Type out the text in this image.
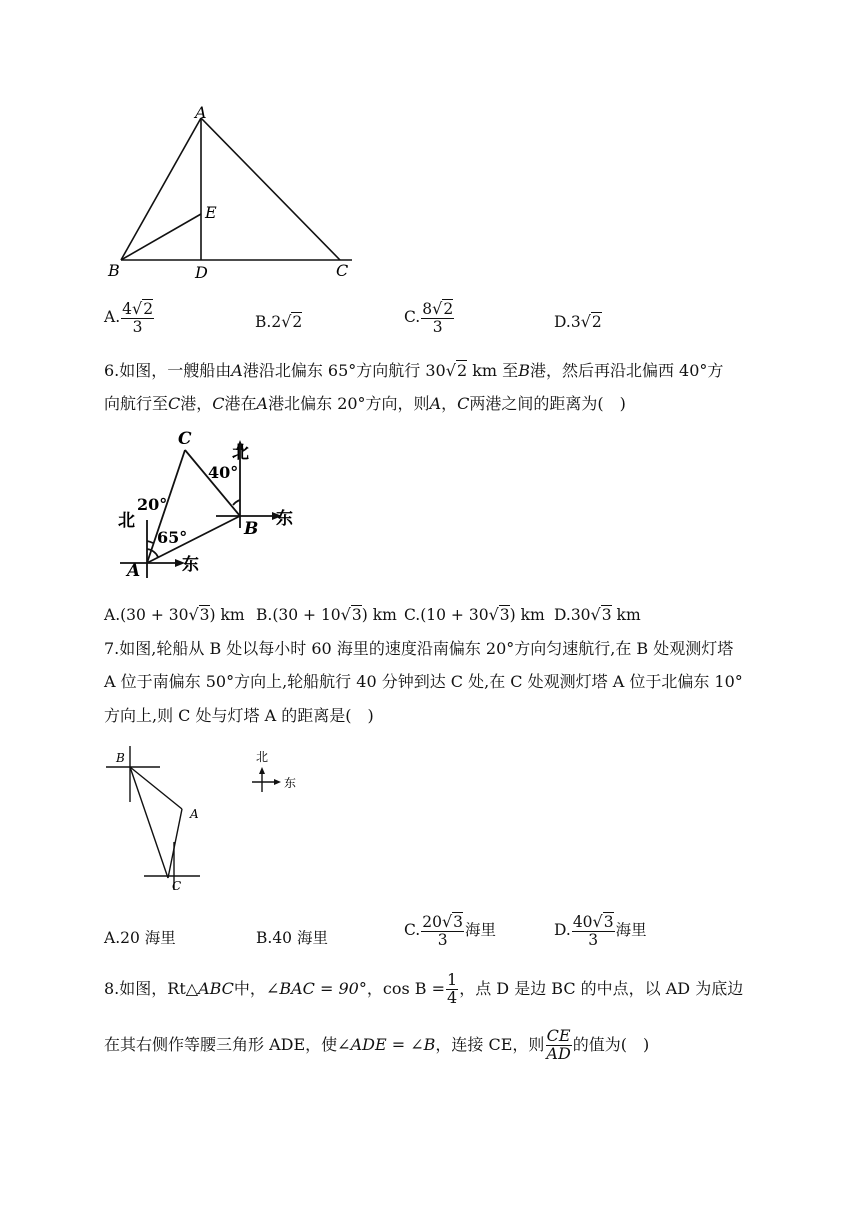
A
E
B	D	C
A. $\frac{4√2}{3}$	B.2√2	C. $\frac{8√2}{3}$	D.3√2
6.如图，一艘船由A港沿北偏东 65°方向航行 30√2 km 至B港，然后再沿北偏西 40°方
向航行至C港，C港在A港北偏东 20°方向，则A，C两港之间的距离为(　)
C
北
40°
20°
北	B 东
65°
A 东
A.(30 + 30√3) km B.(30 + 10√3) km C.(10 + 30√3) km D.30√3 km
7.如图,轮船从 B 处以每小时 60 海里的速度沿南偏东 20°方向匀速航行,在 B 处观测灯塔
A 位于南偏东 50°方向上,轮船航行 40 分钟到达 C 处,在 C 处观测灯塔 A 位于北偏东 10°
方向上,则 C 处与灯塔 A 的距离是(　)
B
A
C
北
东
A.20 海里	B.40 海里	C. $\frac{20√3}{3}$ 海里	D. $\frac{40√3}{3}$ 海里
8.如图，Rt△ABC中，∠BAC = 90°，$\cos B = \frac{1}{4}$ ，点 D 是边 BC 的中点，以 AD 为底边
在其右侧作等腰三角形 ADE，使∠ADE = ∠B，连接 CE，则 $\frac{CE}{AD}$ 的值为(　)
